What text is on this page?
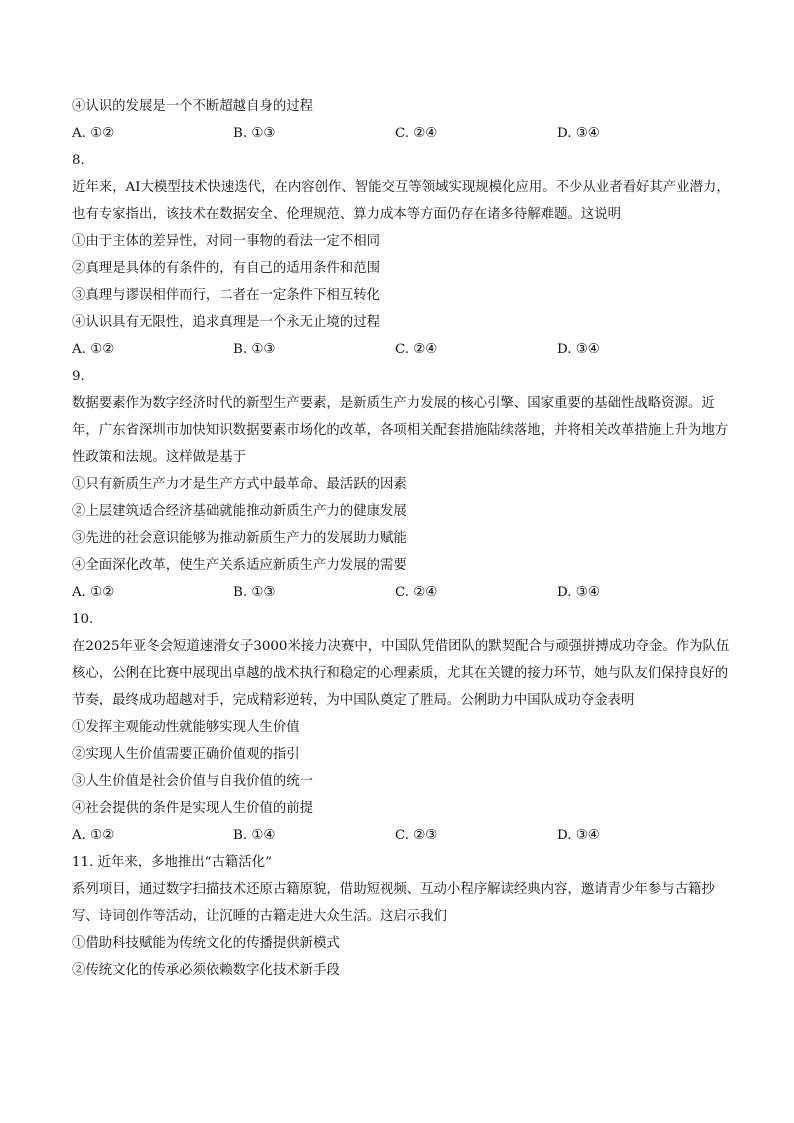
④认识的发展是一个不断超越自身的过程
A. ①②	B. ①③	C. ②④	D. ③④
8.
近年来，AI大模型技术快速迭代，在内容创作、智能交互等领域实现规模化应用。不少从业者看好其产业潜力，也有专家指出，该技术在数据安全、伦理规范、算力成本等方面仍存在诸多待解难题。这说明
①由于主体的差异性，对同一事物的看法一定不相同
②真理是具体的有条件的，有自己的适用条件和范围
③真理与谬误相伴而行，二者在一定条件下相互转化
④认识具有无限性，追求真理是一个永无止境的过程
A. ①②	B. ①③	C. ②④	D. ③④
9.
数据要素作为数字经济时代的新型生产要素，是新质生产力发展的核心引擎、国家重要的基础性战略资源。近年，广东省深圳市加快知识数据要素市场化的改革，各项相关配套措施陆续落地，并将相关改革措施上升为地方性政策和法规。这样做是基于
①只有新质生产力才是生产方式中最革命、最活跃的因素
②上层建筑适合经济基础就能推动新质生产力的健康发展
③先进的社会意识能够为推动新质生产力的发展助力赋能
④全面深化改革，使生产关系适应新质生产力发展的需要
A. ①②	B. ①③	C. ②④	D. ③④
10.
在2025年亚冬会短道速滑女子3000米接力决赛中，中国队凭借团队的默契配合与顽强拼搏成功夺金。作为队伍核心，公俐在比赛中展现出卓越的战术执行和稳定的心理素质，尤其在关键的接力环节，她与队友们保持良好的节奏，最终成功超越对手，完成精彩逆转，为中国队奠定了胜局。公俐助力中国队成功夺金表明
①发挥主观能动性就能够实现人生价值
②实现人生价值需要正确价值观的指引
③人生价值是社会价值与自我价值的统一
④社会提供的条件是实现人生价值的前提
A. ①②	B. ①④	C. ②③	D. ③④
11. 近年来，多地推出“古籍活化”
系列项目，通过数字扫描技术还原古籍原貌，借助短视频、互动小程序解读经典内容，邀请青少年参与古籍抄写、诗词创作等活动，让沉睡的古籍走进大众生活。这启示我们
①借助科技赋能为传统文化的传播提供新模式
②传统文化的传承必须依赖数字化技术新手段
